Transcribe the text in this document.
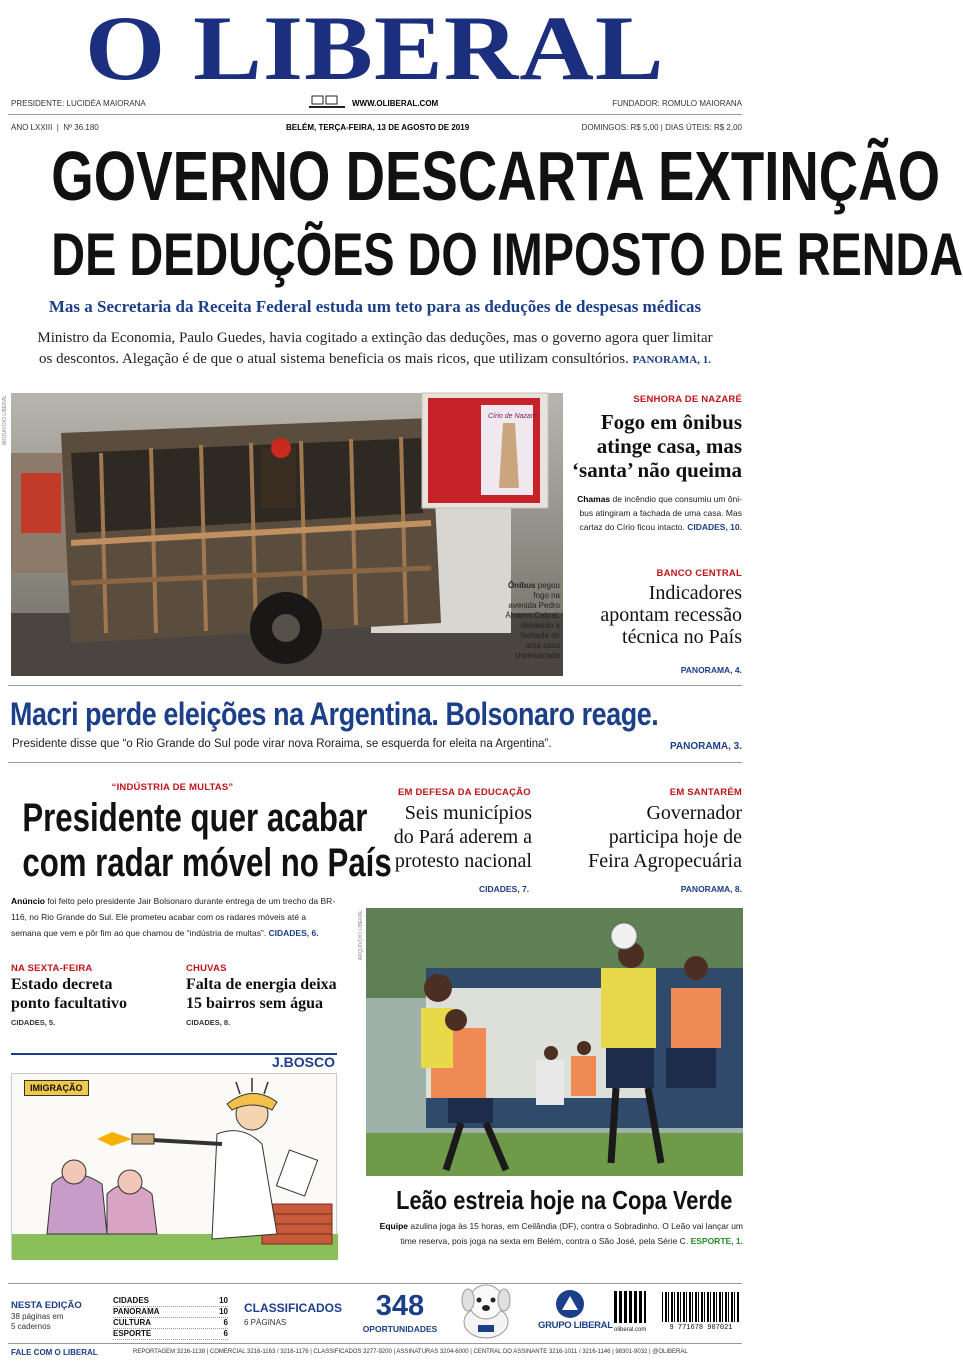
O LIBERAL
PRESIDENTE: LUCIDÉA MAIORANA	WWW.OLIBERAL.COM	FUNDADOR: ROMULO MAIORANA
ANO LXXIII  |  Nº 36.180	BELÉM, TERÇA-FEIRA, 13 DE AGOSTO DE 2019	DOMINGOS: R$ 5,00 | DIAS ÚTEIS: R$ 2,00
GOVERNO DESCARTA EXTINÇÃO
DE DEDUÇÕES DO IMPOSTO DE RENDA
Mas a Secretaria da Receita Federal estuda um teto para as deduções de despesas médicas
Ministro da Economia, Paulo Guedes, havia cogitado a extinção das deduções, mas o governo agora quer limitar
os descontos. Alegação é de que o atual sistema beneficia os mais ricos, que utilizam consultórios. PANORAMA, 1.
Círio de Nazaré
Ônibus pegou
fogo na
avenida Pedro
Álvares Cabral,
deixando a
fachada de
uma casa
chamuscada
ARQUIVO/O LIBERAL	SENHORA DE NAZARÉ
Fogo em ônibus
atinge casa, mas
‘santa’ não queima
Chamas de incêndio que consumiu um ôni- bus atingiram a fachada de uma casa. Mas cartaz do Círio ficou intacto. CIDADES, 10.
BANCO CENTRAL
Indicadores
apontam recessão
técnica no País
PANORAMA, 4.
Macri perde eleições na Argentina. Bolsonaro reage.
Presidente disse que “o Rio Grande do Sul pode virar nova Roraima, se esquerda for eleita na Argentina”.	PANORAMA, 3.
“INDÚSTRIA DE MULTAS”
Presidente quer acabar
com radar móvel no País
Anúncio foi feito pelo presidente Jair Bolsonaro durante entrega de um trecho da BR-116, no Rio Grande do Sul. Ele prometeu acabar com os radares móveis até a semana que vem e pôr fim ao que chamou de “indústria de multas”. CIDADES, 6.
EM DEFESA DA EDUCAÇÃO
Seis municípios
do Pará aderem a
protesto nacional
CIDADES, 7.
EM SANTARÉM
Governador
participa hoje de
Feira Agropecuária
PANORAMA, 8.
NA SEXTA-FEIRA
Estado decreta
ponto facultativo
CIDADES, 5.
CHUVAS
Falta de energia deixa
15 bairros sem água
CIDADES, 8.
J.BOSCO
IMIGRAÇÃO
ARQUIVO/O LIBERAL
Leão estreia hoje na Copa Verde
Equipe azulina joga às 15 horas, em Ceilândia (DF), contra o Sobradinho. O Leão vai lançar um
time reserva, pois joga na sexta em Belém, contra o São José, pela Série C. ESPORTE, 1.
NESTA EDIÇÃO
38 páginas em
5 cadernos
CIDADES	10
PANORAMA	10
CULTURA	6
ESPORTE	6
CLASSIFICADOS
6 PÁGINAS
348
OPORTUNIDADES	GRUPO LIBERAL oliberal.com	9 771678 907021
FALE COM O LIBERAL	REPORTAGEM 3216-1138 | COMERCIAL 3216-1163 / 3216-1176 | CLASSIFICADOS 3277-9200 | ASSINATURAS 3204-6000 | CENTRAL DO ASSINANTE 3216-1011 / 3216-1146 | 98301-9032 | @OLIBERAL
